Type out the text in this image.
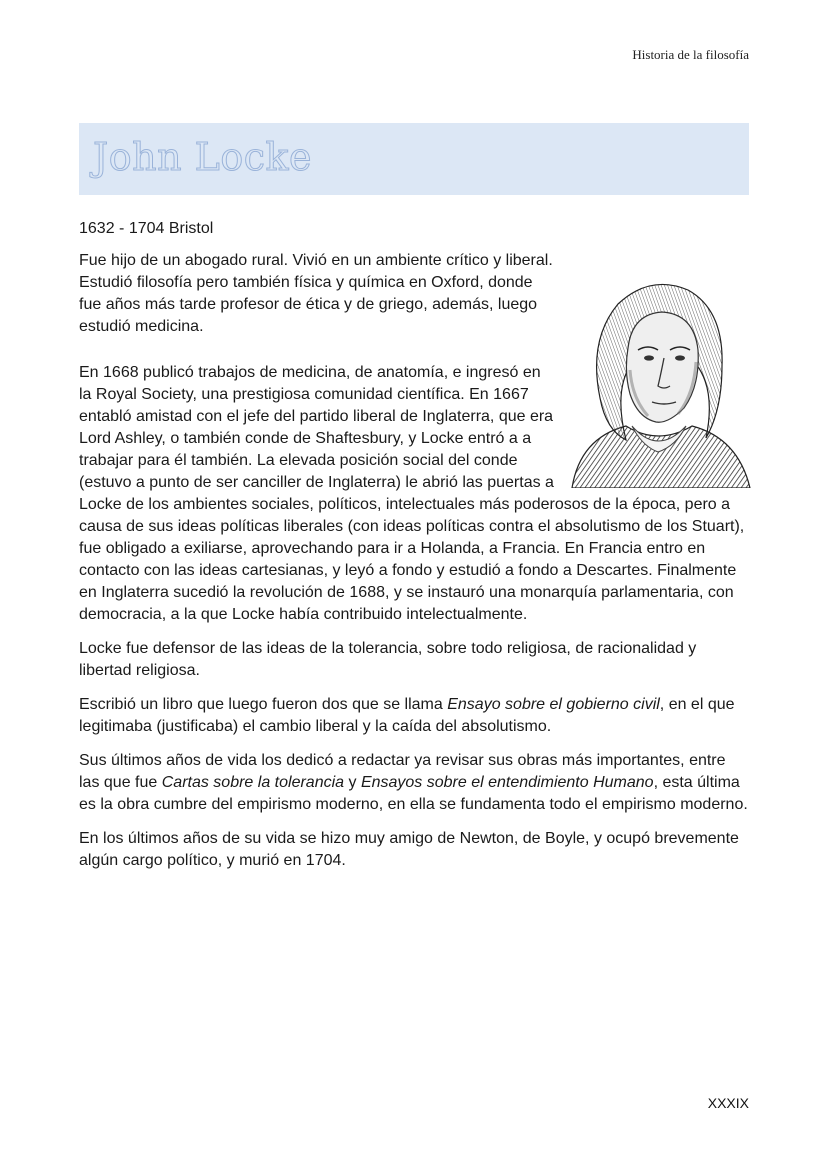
Historia de la filosofía
John Locke

1632 - 1704 Bristol

Fue hijo de un abogado rural. Vivió en un ambiente crítico y liberal. Estudió filosofía pero también física y química en Oxford, donde fue años más tarde profesor de ética y de griego, además, luego estudió medicina.

En 1668 publicó trabajos de medicina, de anatomía, e ingresó en la Royal Society, una prestigiosa comunidad científica. En 1667 entabló amistad con el jefe del partido liberal de Inglaterra, que era Lord Ashley, o también conde de Shaftesbury, y Locke entró a a trabajar para él también. La elevada posición social del conde (estuvo a punto de ser canciller de Inglaterra) le abrió las puertas a Locke de los ambientes sociales, políticos, intelectuales más poderosos de la época, pero a causa de sus ideas políticas liberales (con ideas políticas contra el absolutismo de los Stuart), fue obligado a exiliarse, aprovechando para ir a Holanda, a Francia. En Francia entro en contacto con las ideas cartesianas, y leyó a fondo y estudió a fondo a Descartes. Finalmente en Inglaterra sucedió la revolución de 1688, y se instauró una monarquía parlamentaria, con democracia, a la que Locke había contribuido intelectualmente.

Locke fue defensor de las ideas de la tolerancia, sobre todo religiosa, de racionalidad y libertad religiosa.

Escribió un libro que luego fueron dos que se llama Ensayo sobre el gobierno civil, en el que legitimaba (justificaba) el cambio liberal y la caída del absolutismo.

Sus últimos años de vida los dedicó a redactar ya revisar sus obras más importantes, entre las que fue Cartas sobre la tolerancia y Ensayos sobre el entendimiento Humano, esta última es la obra cumbre del empirismo moderno, en ella se fundamenta todo el empirismo moderno.

En los últimos años de su vida se hizo muy amigo de Newton, de Boyle, y ocupó brevemente algún cargo político, y murió en 1704.

XXXIX
